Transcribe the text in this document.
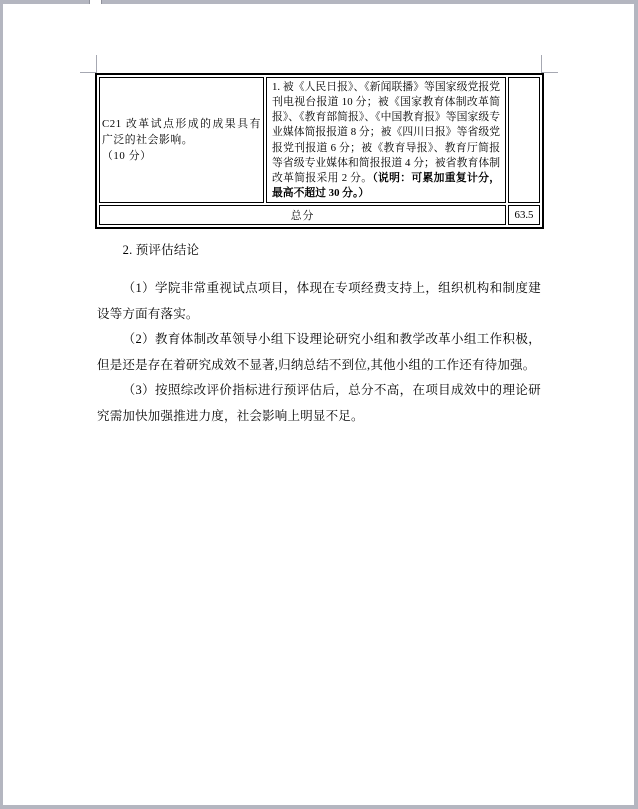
C21 改革试点形成的成果具有广泛的社会影响。
（10 分）	1. 被《人民日报》、《新闻联播》等国家级党报党刊电视台报道 10 分；被《国家教育体制改革简报》、《教育部简报》、《中国教育报》等国家级专业媒体简报报道 8 分；被《四川日报》等省级党报党刊报道 6 分；被《教育导报》、教育厅简报等省级专业媒体和简报报道 4 分；被省教育体制改革简报采用 2 分。（说明：可累加重复计分，最高不超过 30 分。）	
总分		63.5
2. 预评估结论

（1）学院非常重视试点项目，体现在专项经费支持上，组织机构和制度建设等方面有落实。

（2）教育体制改革领导小组下设理论研究小组和教学改革小组工作积极，但是还是存在着研究成效不显著,归纳总结不到位,其他小组的工作还有待加强。

（3）按照综改评价指标进行预评估后，总分不高，在项目成效中的理论研究需加快加强推进力度，社会影响上明显不足。
